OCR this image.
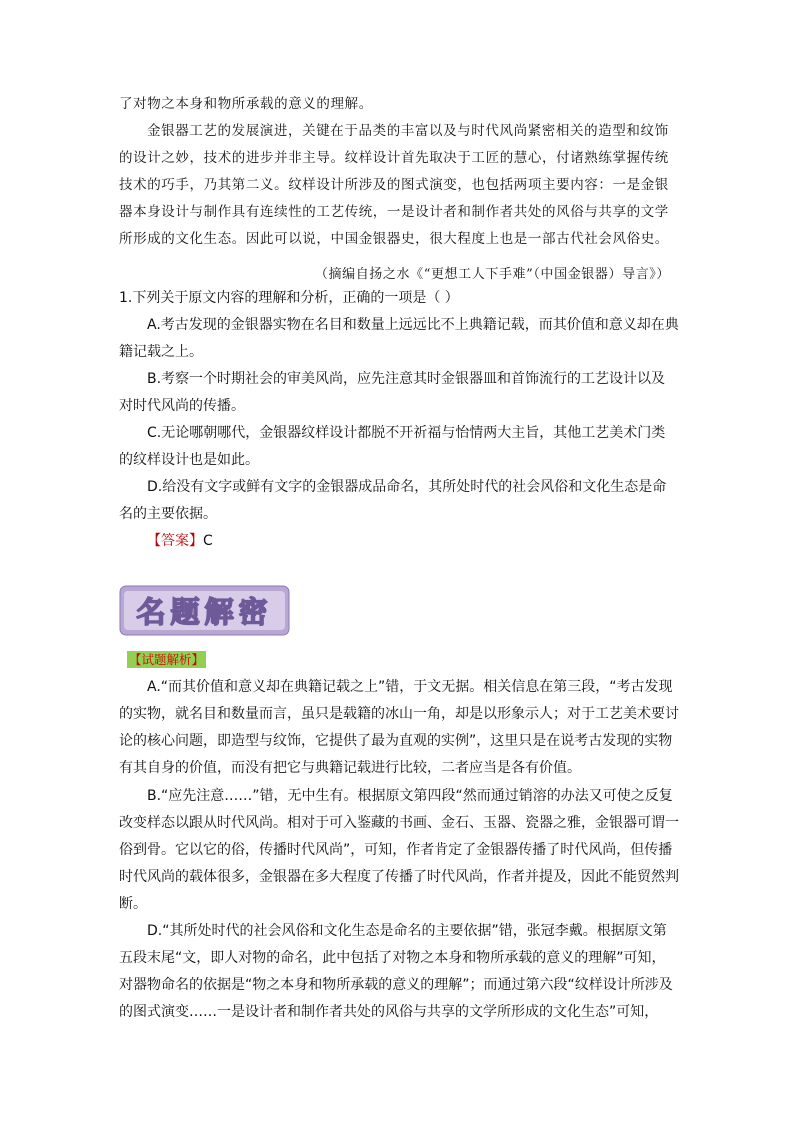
了对物之本身和物所承载的意义的理解。

金银器工艺的发展演进，关键在于品类的丰富以及与时代风尚紧密相关的造型和纹饰的设计之妙，技术的进步并非主导。纹样设计首先取决于工匠的慧心，付诸熟练掌握传统技术的巧手，乃其第二义。纹样设计所涉及的图式演变，也包括两项主要内容：一是金银器本身设计与制作具有连续性的工艺传统，一是设计者和制作者共处的风俗与共享的文学所形成的文化生态。因此可以说，中国金银器史，很大程度上也是一部古代社会风俗史。

（摘编自扬之水《“更想工人下手难”（中国金银器）导言》）

1.下列关于原文内容的理解和分析，正确的一项是（ ）

A.考古发现的金银器实物在名目和数量上远远比不上典籍记载，而其价值和意义却在典籍记载之上。

B.考察一个时期社会的审美风尚，应先注意其时金银器皿和首饰流行的工艺设计以及对时代风尚的传播。

C.无论哪朝哪代，金银器纹样设计都脱不开祈福与怡情两大主旨，其他工艺美术门类的纹样设计也是如此。

D.给没有文字或鲜有文字的金银器成品命名，其所处时代的社会风俗和文化生态是命名的主要依据。

【答案】C
名题解密
【试题解析】

A.“而其价值和意义却在典籍记载之上”错，于文无据。相关信息在第三段，“考古发现的实物，就名目和数量而言，虽只是载籍的冰山一角，却是以形象示人；对于工艺美术要讨论的核心问题，即造型与纹饰，它提供了最为直观的实例”，这里只是在说考古发现的实物有其自身的价值，而没有把它与典籍记载进行比较，二者应当是各有价值。

B.“应先注意……”错，无中生有。根据原文第四段“然而通过销溶的办法又可使之反复改变样态以跟从时代风尚。相对于可入鉴藏的书画、金石、玉器、瓷器之雅，金银器可谓一俗到骨。它以它的俗，传播时代风尚”，可知，作者肯定了金银器传播了时代风尚，但传播时代风尚的载体很多，金银器在多大程度了传播了时代风尚，作者并提及，因此不能贸然判断。

D.“其所处时代的社会风俗和文化生态是命名的主要依据”错，张冠李戴。根据原文第五段末尾“文，即人对物的命名，此中包括了对物之本身和物所承载的意义的理解”可知，对器物命名的依据是“物之本身和物所承载的意义的理解”；而通过第六段“纹样设计所涉及的图式演变……一是设计者和制作者共处的风俗与共享的文学所形成的文化生态”可知，
